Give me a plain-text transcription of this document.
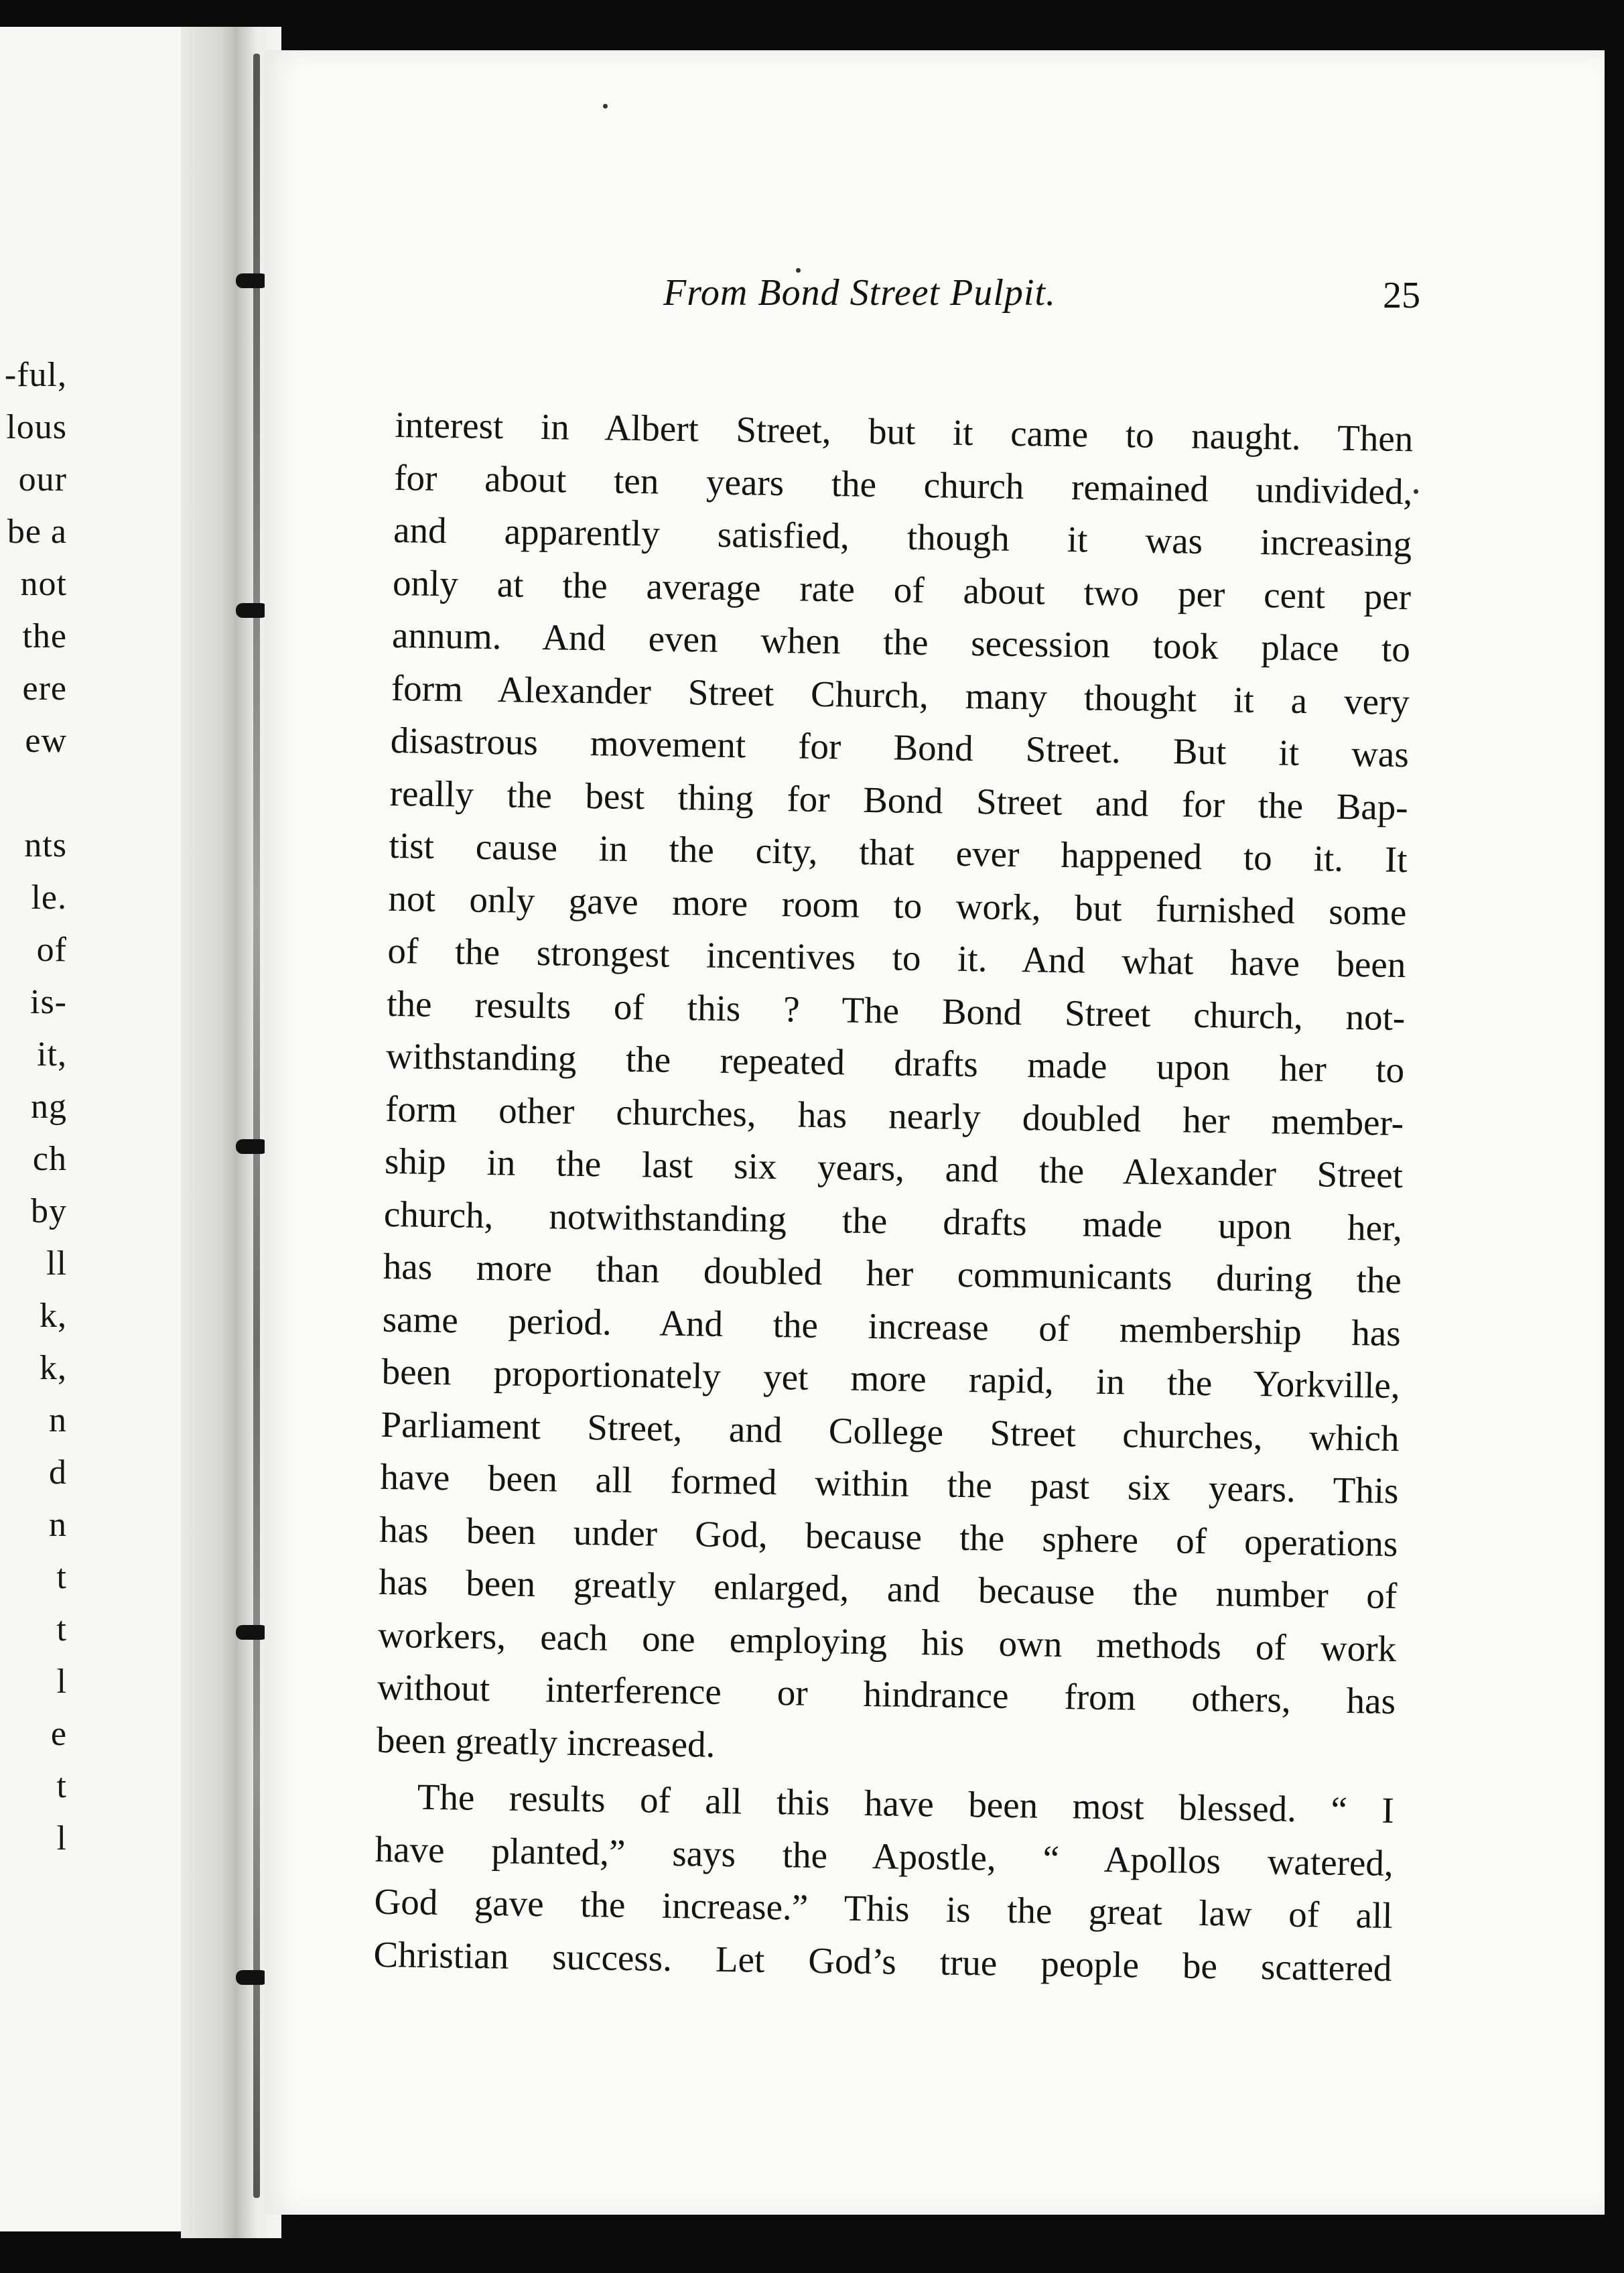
-ful,
lous
our
be a
not
the
ere
ew
nts
le.
of
is-
it,
ng
ch
by
ll
k,
k,
n
d
n
t
t
l
e
t
l
From Bond Street Pulpit.	25
interest in Albert Street, but it came to naught. Then
for about ten years the church remained undivided,
and apparently satisfied, though it was increasing
only at the average rate of about two per cent per
annum. And even when the secession took place to
form Alexander Street Church, many thought it a very
disastrous movement for Bond Street. But it was
really the best thing for Bond Street and for the Bap-
tist cause in the city, that ever happened to it. It
not only gave more room to work, but furnished some
of the strongest incentives to it. And what have been
the results of this ? The Bond Street church, not-
withstanding the repeated drafts made upon her to
form other churches, has nearly doubled her member-
ship in the last six years, and the Alexander Street
church, notwithstanding the drafts made upon her,
has more than doubled her communicants during the
same period. And the increase of membership has
been proportionately yet more rapid, in the Yorkville,
Parliament Street, and College Street churches, which
have been all formed within the past six years. This
has been under God, because the sphere of operations
has been greatly enlarged, and because the number of
workers, each one employing his own methods of work
without interference or hindrance from others, has
been greatly increased.
The results of all this have been most blessed. “ I
have planted,” says the Apostle, “ Apollos watered,
God gave the increase.” This is the great law of all
Christian success. Let God’s true people be scattered
